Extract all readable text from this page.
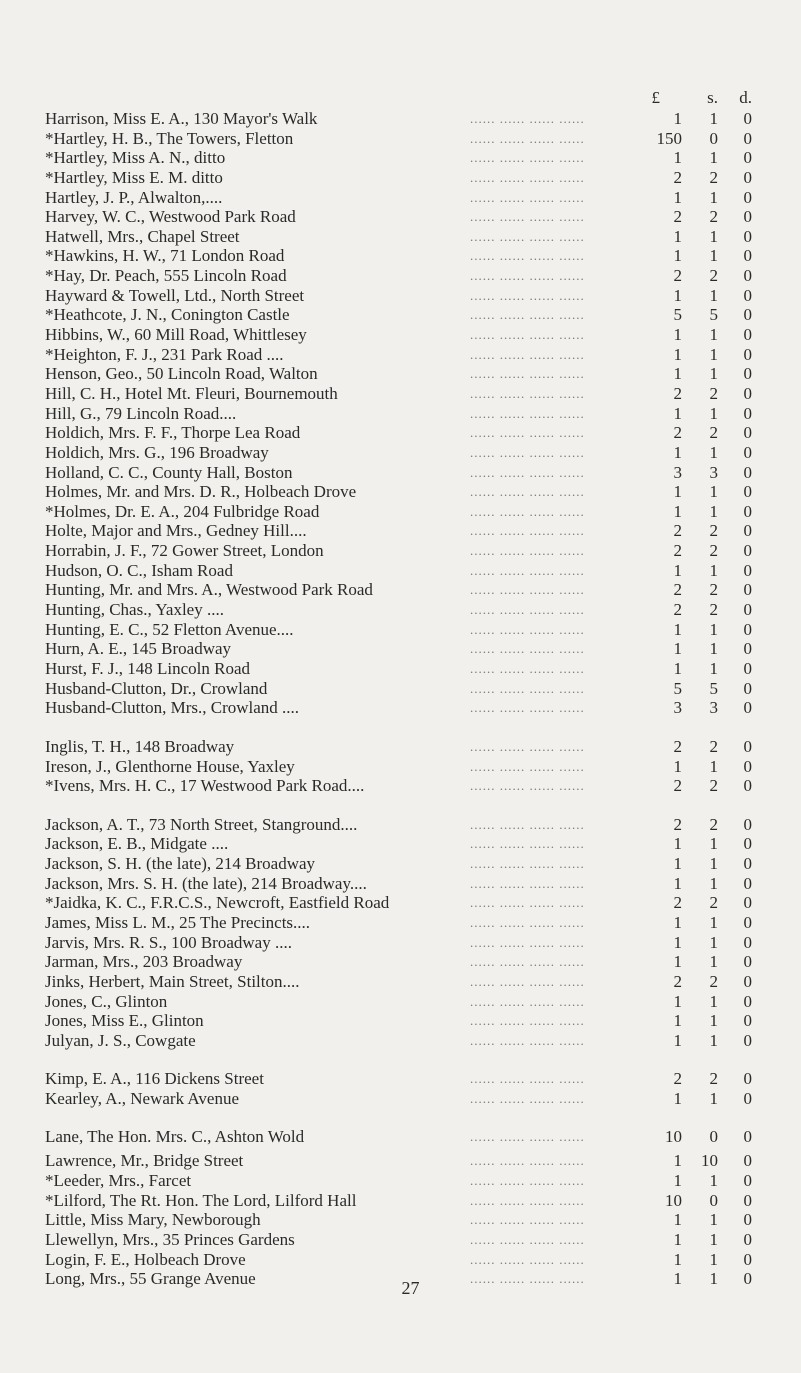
£	s.	d.
...... ...... ...... ......
Harrison, Miss E. A., 130 Mayor's Walk	1	1	0
...... ...... ...... ......
*Hartley, H. B., The Towers, Fletton	150	0	0
...... ...... ...... ......
*Hartley, Miss A. N., ditto	1	1	0
...... ...... ...... ......
*Hartley, Miss E. M. ditto	2	2	0
...... ...... ...... ......
Hartley, J. P., Alwalton,....	1	1	0
...... ...... ...... ......
Harvey, W. C., Westwood Park Road	2	2	0
...... ...... ...... ......
Hatwell, Mrs., Chapel Street	1	1	0
...... ...... ...... ......
*Hawkins, H. W., 71 London Road	1	1	0
...... ...... ...... ......
*Hay, Dr. Peach, 555 Lincoln Road	2	2	0
...... ...... ...... ......
Hayward & Towell, Ltd., North Street	1	1	0
...... ...... ...... ......
*Heathcote, J. N., Conington Castle	5	5	0
...... ...... ...... ......
Hibbins, W., 60 Mill Road, Whittlesey	1	1	0
...... ...... ...... ......
*Heighton, F. J., 231 Park Road ....	1	1	0
...... ...... ...... ......
Henson, Geo., 50 Lincoln Road, Walton	1	1	0
...... ...... ...... ......
Hill, C. H., Hotel Mt. Fleuri, Bournemouth	2	2	0
...... ...... ...... ......
Hill, G., 79 Lincoln Road....	1	1	0
...... ...... ...... ......
Holdich, Mrs. F. F., Thorpe Lea Road	2	2	0
...... ...... ...... ......
Holdich, Mrs. G., 196 Broadway	1	1	0
...... ...... ...... ......
Holland, C. C., County Hall, Boston	3	3	0
...... ...... ...... ......
Holmes, Mr. and Mrs. D. R., Holbeach Drove	1	1	0
...... ...... ...... ......
*Holmes, Dr. E. A., 204 Fulbridge Road	1	1	0
...... ...... ...... ......
Holte, Major and Mrs., Gedney Hill....	2	2	0
...... ...... ...... ......
Horrabin, J. F., 72 Gower Street, London	2	2	0
...... ...... ...... ......
Hudson, O. C., Isham Road	1	1	0
...... ...... ...... ......
Hunting, Mr. and Mrs. A., Westwood Park Road	2	2	0
...... ...... ...... ......
Hunting, Chas., Yaxley ....	2	2	0
...... ...... ...... ......
Hunting, E. C., 52 Fletton Avenue....	1	1	0
...... ...... ...... ......
Hurn, A. E., 145 Broadway	1	1	0
...... ...... ...... ......
Hurst, F. J., 148 Lincoln Road	1	1	0
...... ...... ...... ......
Husband-Clutton, Dr., Crowland	5	5	0
...... ...... ...... ......
Husband-Clutton, Mrs., Crowland ....	3	3	0
...... ...... ...... ......
Inglis, T. H., 148 Broadway	2	2	0
...... ...... ...... ......
Ireson, J., Glenthorne House, Yaxley	1	1	0
...... ...... ...... ......
*Ivens, Mrs. H. C., 17 Westwood Park Road....	2	2	0
...... ...... ...... ......
Jackson, A. T., 73 North Street, Stanground....	2	2	0
...... ...... ...... ......
Jackson, E. B., Midgate ....	1	1	0
...... ...... ...... ......
Jackson, S. H. (the late), 214 Broadway	1	1	0
...... ...... ...... ......
Jackson, Mrs. S. H. (the late), 214 Broadway....	1	1	0
...... ...... ...... ......
*Jaidka, K. C., F.R.C.S., Newcroft, Eastfield Road	2	2	0
...... ...... ...... ......
James, Miss L. M., 25 The Precincts....	1	1	0
...... ...... ...... ......
Jarvis, Mrs. R. S., 100 Broadway ....	1	1	0
...... ...... ...... ......
Jarman, Mrs., 203 Broadway	1	1	0
...... ...... ...... ......
Jinks, Herbert, Main Street, Stilton....	2	2	0
...... ...... ...... ......
Jones, C., Glinton	1	1	0
...... ...... ...... ......
Jones, Miss E., Glinton	1	1	0
...... ...... ...... ......
Julyan, J. S., Cowgate	1	1	0
...... ...... ...... ......
Kimp, E. A., 116 Dickens Street	2	2	0
...... ...... ...... ......
Kearley, A., Newark Avenue	1	1	0
...... ...... ...... ......
Lane, The Hon. Mrs. C., Ashton Wold	10	0	0
...... ...... ...... ......
Lawrence, Mr., Bridge Street	1	10	0
...... ...... ...... ......
*Leeder, Mrs., Farcet	1	1	0
...... ...... ...... ......
*Lilford, The Rt. Hon. The Lord, Lilford Hall	10	0	0
...... ...... ...... ......
Little, Miss Mary, Newborough	1	1	0
...... ...... ...... ......
Llewellyn, Mrs., 35 Princes Gardens	1	1	0
...... ...... ...... ......
Login, F. E., Holbeach Drove	1	1	0
...... ...... ...... ......
Long, Mrs., 55 Grange Avenue	1	1	0
27
